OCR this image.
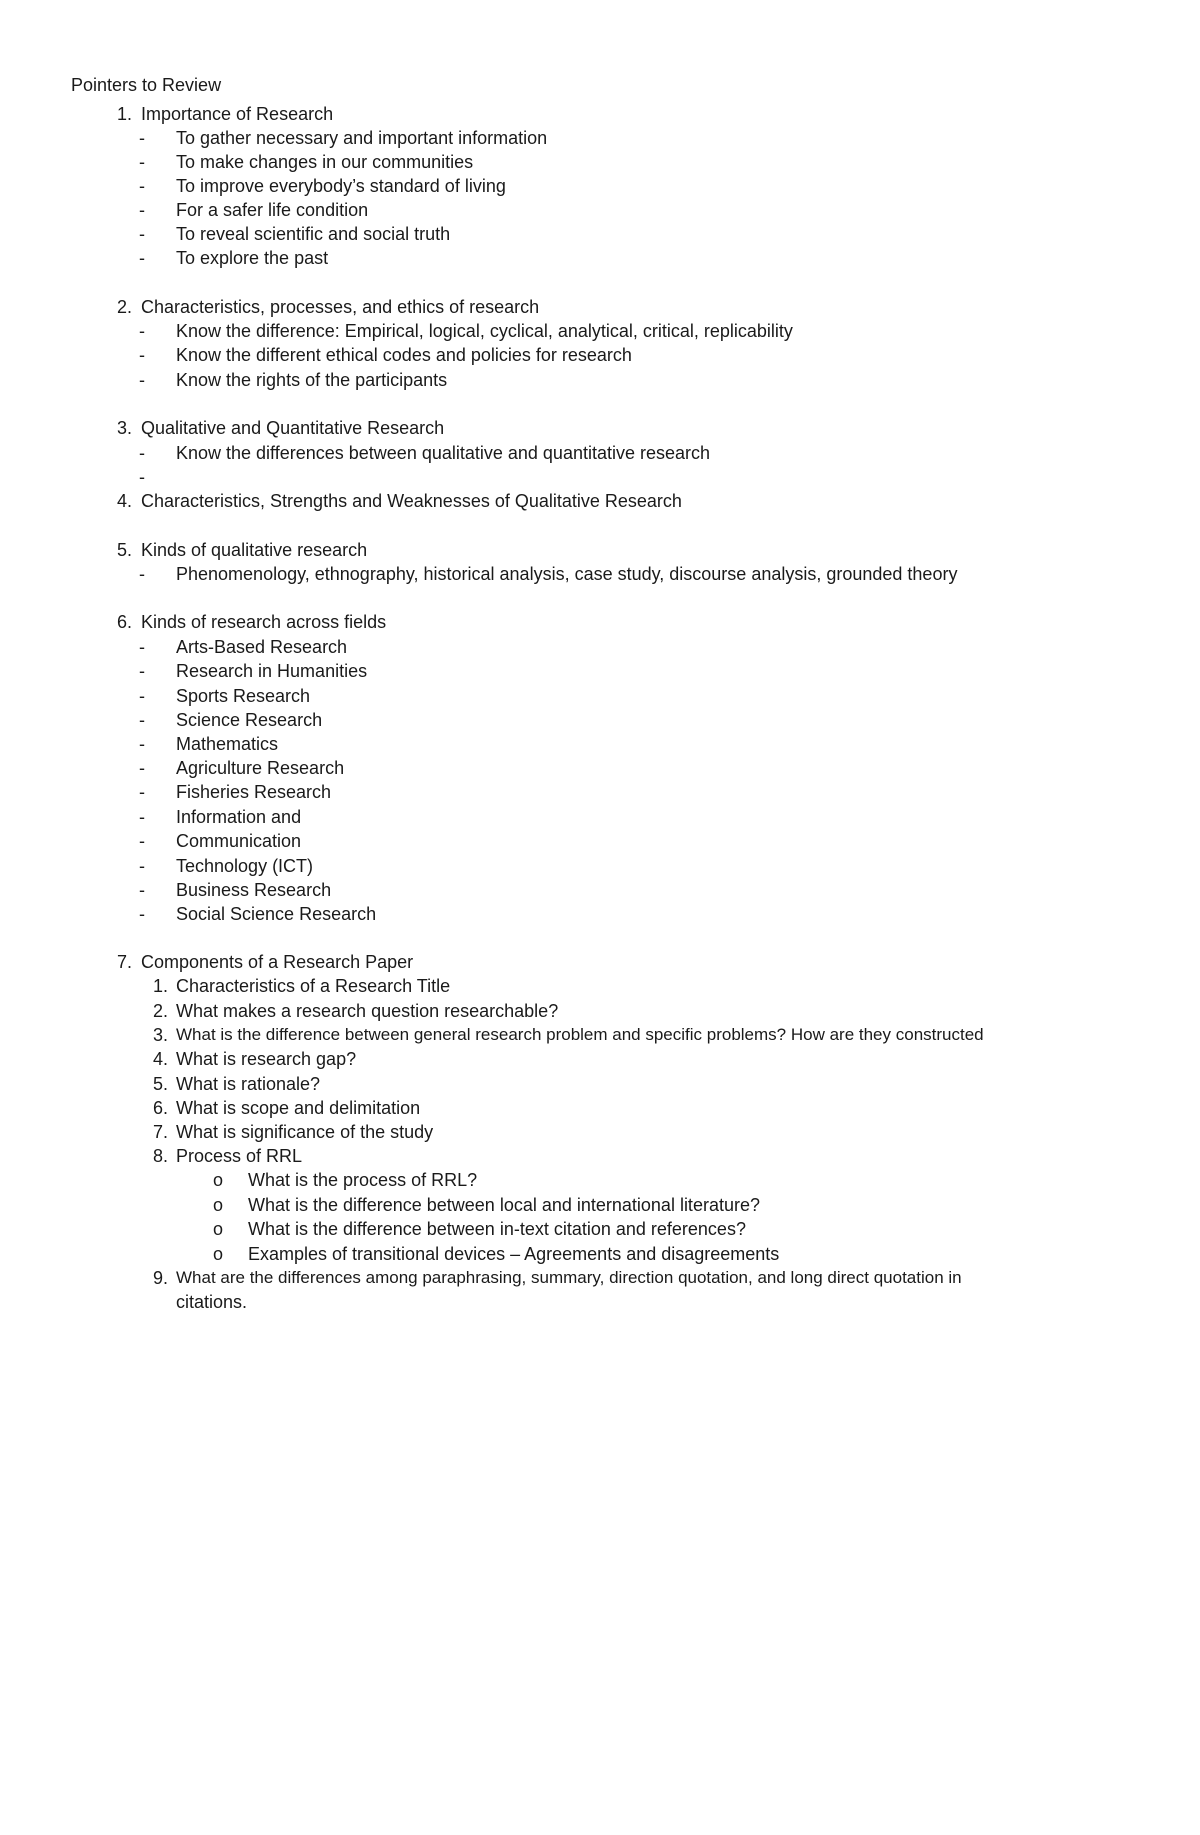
Pointers to Review
1. Importance of Research
- To gather necessary and important information
- To make changes in our communities
- To improve everybody’s standard of living
- For a safer life condition
- To reveal scientific and social truth
- To explore the past
2. Characteristics, processes, and ethics of research
- Know the difference: Empirical, logical, cyclical, analytical, critical, replicability
- Know the different ethical codes and policies for research
- Know the rights of the participants
3. Qualitative and Quantitative Research
- Know the differences between qualitative and quantitative research
-
4. Characteristics, Strengths and Weaknesses of Qualitative Research
5. Kinds of qualitative research
- Phenomenology, ethnography, historical analysis, case study, discourse analysis, grounded theory
6. Kinds of research across fields
- Arts-Based Research
- Research in Humanities
- Sports Research
- Science Research
- Mathematics
- Agriculture Research
- Fisheries Research
- Information and
- Communication
- Technology (ICT)
- Business Research
- Social Science Research
7. Components of a Research Paper
1. Characteristics of a Research Title
2. What makes a research question researchable?
3. What is the difference between general research problem and specific problems? How are they constructed
4. What is research gap?
5. What is rationale?
6. What is scope and delimitation
7. What is significance of the study
8. Process of RRL
o What is the process of RRL?
o What is the difference between local and international literature?
o What is the difference between in-text citation and references?
o Examples of transitional devices – Agreements and disagreements
9. What are the differences among paraphrasing, summary, direction quotation, and long direct quotation in
citations.
